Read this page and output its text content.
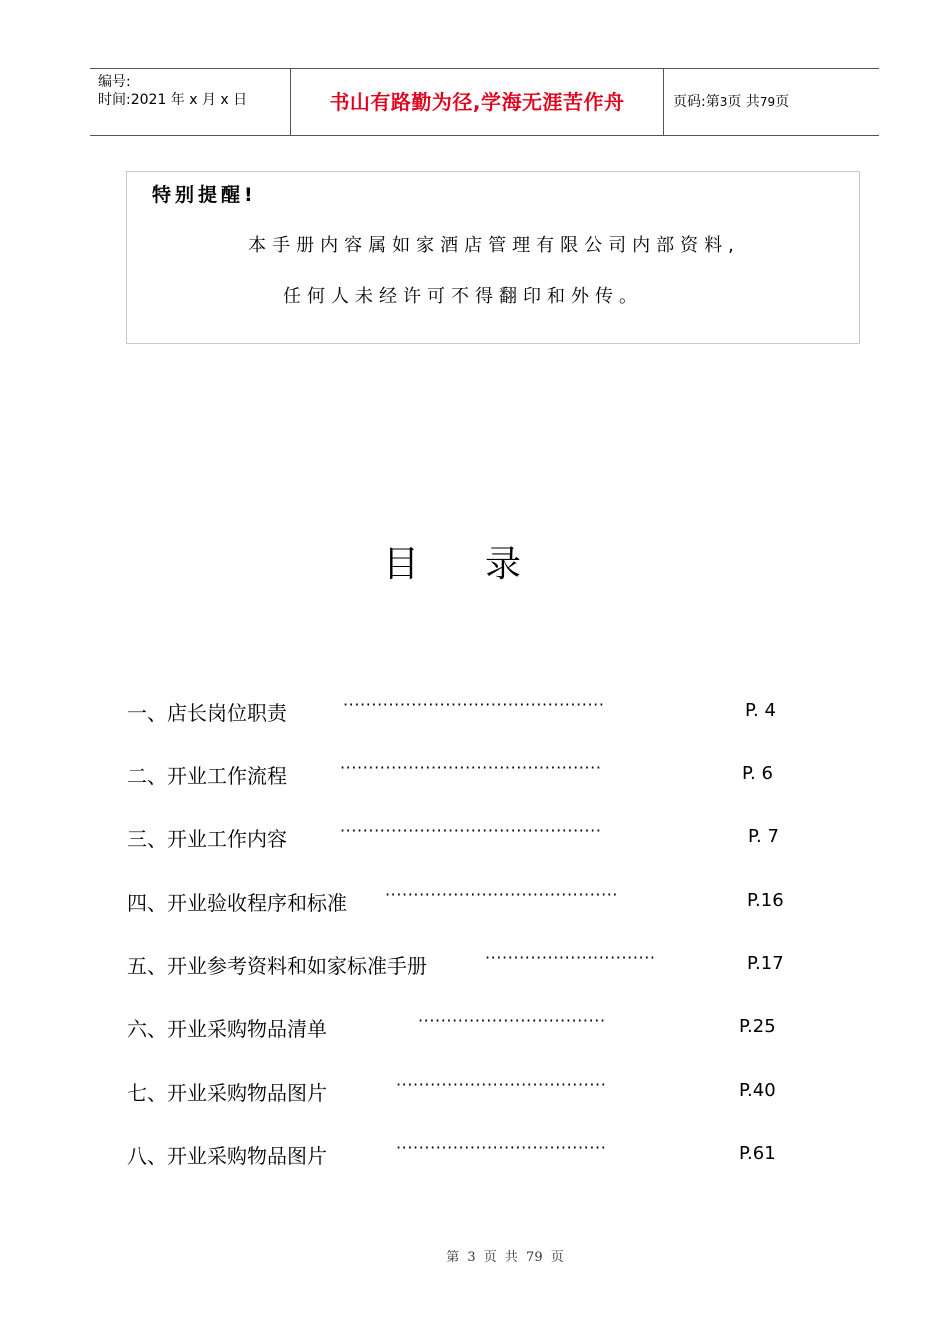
编号:
时间:2021 年 x 月 x 日	书山有路勤为径,学海无涯苦作舟	页码:第3页 共79页
特别提醒!
本手册内容属如家酒店管理有限公司内部资料,
任何人未经许可不得翻印和外传。
目录
一、店长岗位职责	··············································	P. 4
二、开业工作流程	··············································	P. 6
三、开业工作内容	··············································	P. 7
四、开业验收程序和标准 ·········································	P.16
五、开业参考资料和如家标准手册	······························	P.17
六、开业采购物品清单	·································	P.25
七、开业采购物品图片	·····································	P.40
八、开业采购物品图片	·····································	P.61
第 3 页 共 79 页
